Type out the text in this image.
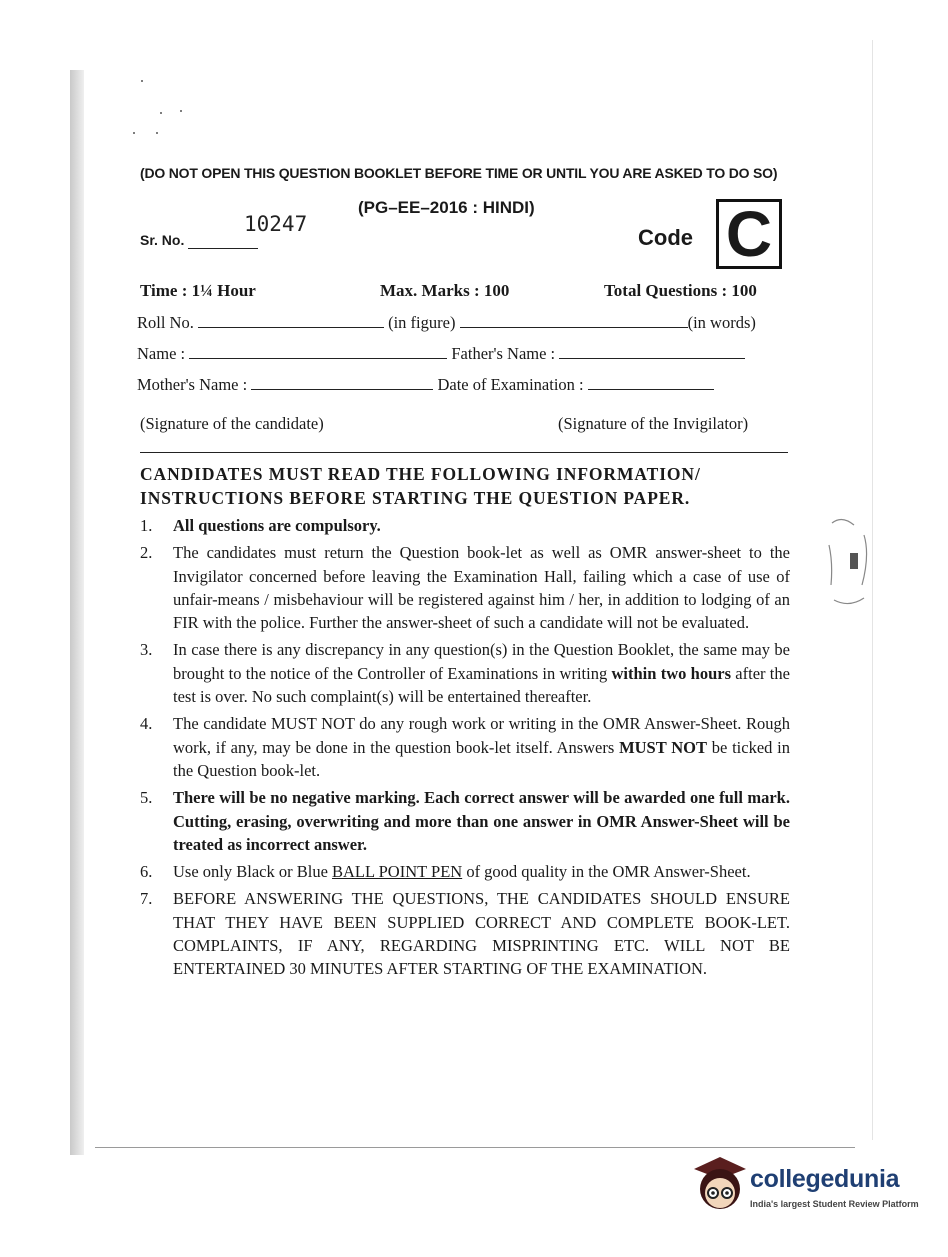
(DO NOT OPEN THIS QUESTION BOOKLET BEFORE TIME OR UNTIL YOU ARE ASKED TO DO SO)
(PG–EE–2016 : HINDI)
Sr. No.
10247
Code C
Time : 1¼ Hour	Max. Marks : 100	Total Questions : 100
Roll No.	(in figure)	(in words)
Name :	Father's Name :
Mother's Name :	Date of Examination :
(Signature of the candidate)	(Signature of the Invigilator)
CANDIDATES MUST READ THE FOLLOWING INFORMATION/ INSTRUCTIONS BEFORE STARTING THE QUESTION PAPER.
1. All questions are compulsory.
2. The candidates must return the Question book-let as well as OMR answer-sheet to the Invigilator concerned before leaving the Examination Hall, failing which a case of use of unfair-means / misbehaviour will be registered against him / her, in addition to lodging of an FIR with the police. Further the answer-sheet of such a candidate will not be evaluated.
3. In case there is any discrepancy in any question(s) in the Question Booklet, the same may be brought to the notice of the Controller of Examinations in writing within two hours after the test is over. No such complaint(s) will be entertained thereafter.
4. The candidate MUST NOT do any rough work or writing in the OMR Answer-Sheet. Rough work, if any, may be done in the question book-let itself. Answers MUST NOT be ticked in the Question book-let.
5. There will be no negative marking. Each correct answer will be awarded one full mark. Cutting, erasing, overwriting and more than one answer in OMR Answer-Sheet will be treated as incorrect answer.
6. Use only Black or Blue BALL POINT PEN of good quality in the OMR Answer-Sheet.
7. BEFORE ANSWERING THE QUESTIONS, THE CANDIDATES SHOULD ENSURE THAT THEY HAVE BEEN SUPPLIED CORRECT AND COMPLETE BOOK-LET. COMPLAINTS, IF ANY, REGARDING MISPRINTING ETC. WILL NOT BE ENTERTAINED 30 MINUTES AFTER STARTING OF THE EXAMINATION.
collegedunia
India's largest Student Review Platform
